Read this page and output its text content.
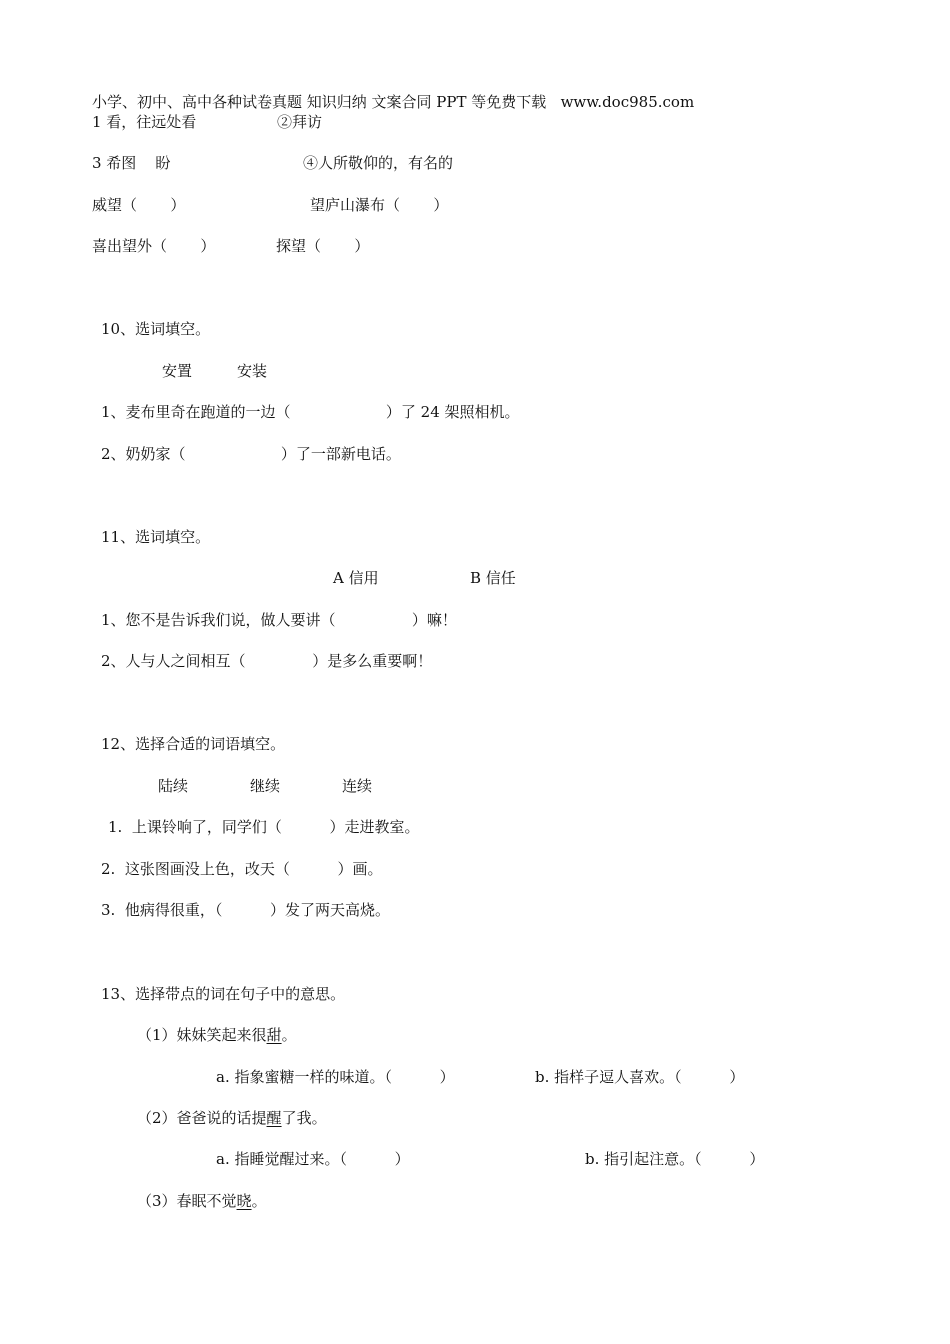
小学、初中、高中各种试卷真题 知识归纳 文案合同 PPT 等免费下载   www.doc985.com
1 看，往远处看	②拜访
3 希图    盼	④人所敬仰的，有名的
威望（       ）	望庐山瀑布（       ）
喜出望外（       ）	探望（       ）
10、选词填空。
安置	安装
1、麦布里奇在跑道的一边（                    ）了 24 架照相机。
2、奶奶家（                    ）了一部新电话。
11、选词填空。
A 信用	B 信任
1、您不是告诉我们说，做人要讲（                ）嘛！
2、人与人之间相互（              ）是多么重要啊！
12、选择合适的词语填空。
陆续	继续	连续
1.  上课铃响了，同学们（          ）走进教室。
2.  这张图画没上色，改天（          ）画。
3.  他病得很重，（          ）发了两天高烧。
13、选择带点的词在句子中的意思。
（1）妹妹笑起来很甜。
a. 指象蜜糖一样的味道。（          ）	b. 指样子逗人喜欢。（          ）
（2）爸爸说的话提醒了我。
a. 指睡觉醒过来。（          ）	b. 指引起注意。（          ）
（3）春眠不觉晓。
